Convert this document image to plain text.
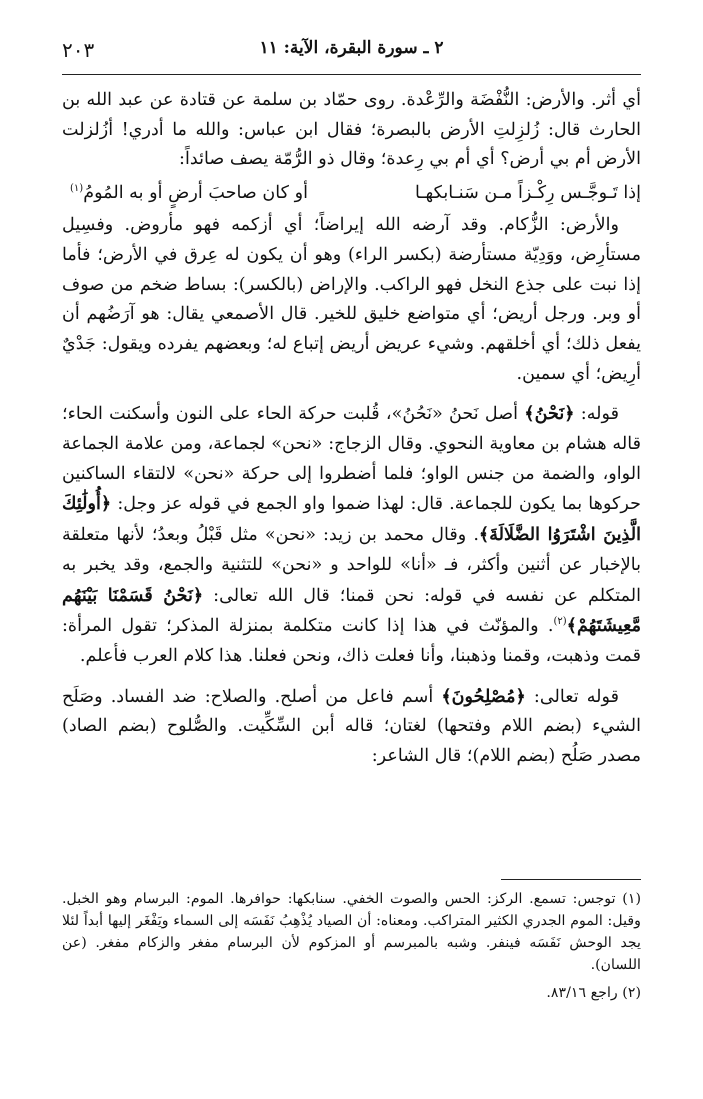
٢ ـ سورة البقرة، الآية: ١١
٢٠٣

أي أثر. والأرض: النُّفْضَة والرِّعْدة. روى حمّاد بن سلمة عن قتادة عن عبد الله بن الحارث قال: زُلزِلتِ الأرض بالبصرة؛ فقال ابن عباس: والله ما أدري! أزُلزلت الأرض أم بي أرض؟ أي أم بي رِعدة؛ وقال ذو الرُّمّة يصف صائداً:

إذا تَـوجَّـس رِكْـزاً مـن سَنـابكهـا
أو كان صاحبَ أرضٍ أو به المُومُ$^{(١)}$

والأرض: الزُّكام. وقد آرضه الله إيراضاً؛ أي أزكمه فهو مأروض. وفسِيل مستأرِض، ووَدِيّة مستأرضة (بكسر الراء) وهو أن يكون له عِرق في الأرض؛ فأما إذا نبت على جذع النخل فهو الراكب. والإراض (بالكسر): بساط ضخم من صوف أو وبر. ورجل أريض؛ أي متواضع خليق للخير. قال الأصمعي يقال: هو آرَضُهم أن يفعل ذلك؛ أي أخلقهم. وشيء عريض أريض إتباع له؛ وبعضهم يفرده ويقول: جَدْيٌ أرِيض؛ أي سمين.

قوله: ﴿نَحْنُ﴾ أصل نَحنُ «نَحُنُ»، قُلبت حركة الحاء على النون وأسكنت الحاء؛ قاله هشام بن معاوية النحوي. وقال الزجاج: «نحن» لجماعة، ومن علامة الجماعة الواو، والضمة من جنس الواو؛ فلما أضطروا إلى حركة «نحن» لالتقاء الساكنين حركوها بما يكون للجماعة. قال: لهذا ضموا واو الجمع في قوله عز وجل: ﴿أُولَٰئِكَ الَّذِينَ اشْتَرَوُا الضَّلَالَةَ﴾. وقال محمد بن زيد: «نحن» مثل قَبْلُ وبعدُ؛ لأنها متعلقة بالإخبار عن أثنين وأكثر، فـ «أنا» للواحد و «نحن» للتثنية والجمع، وقد يخبر به المتكلم عن نفسه في قوله: نحن قمنا؛ قال الله تعالى: ﴿نَحْنُ قَسَمْنَا بَيْنَهُم مَّعِيشَتَهُمْ﴾$^{(٢)}$. والمؤنّث في هذا إذا كانت متكلمة بمنزلة المذكر؛ تقول المرأة: قمت وذهبت، وقمنا وذهبنا، وأنا فعلت ذاك، ونحن فعلنا. هذا كلام العرب فأعلم.

قوله تعالى: ﴿مُصْلِحُونَ﴾ أسم فاعل من أصلح. والصلاح: ضد الفساد. وصَلَح الشيء (بضم اللام وفتحها) لغتان؛ قاله أبن السِّكِّيت. والصُّلوح (بضم الصاد) مصدر صَلُح (بضم اللام)؛ قال الشاعر:

(١) توجس: تسمع. الركز: الحس والصوت الخفي. سنابكها: حوافرها. الموم: البرسام وهو الخبل. وقيل: الموم الجدري الكثير المتراكب. ومعناه: أن الصياد يُذْهِبُ نَفَسَه إلى السماء ويَفْغَر إليها أبداً لئلا يجد الوحش نَفَسَه فينفر. وشبه بالمبرسم أو المزكوم لأن البرسام مفغر والزكام مفغر. (عن اللسان).

(٢) راجع ٨٣/١٦.
